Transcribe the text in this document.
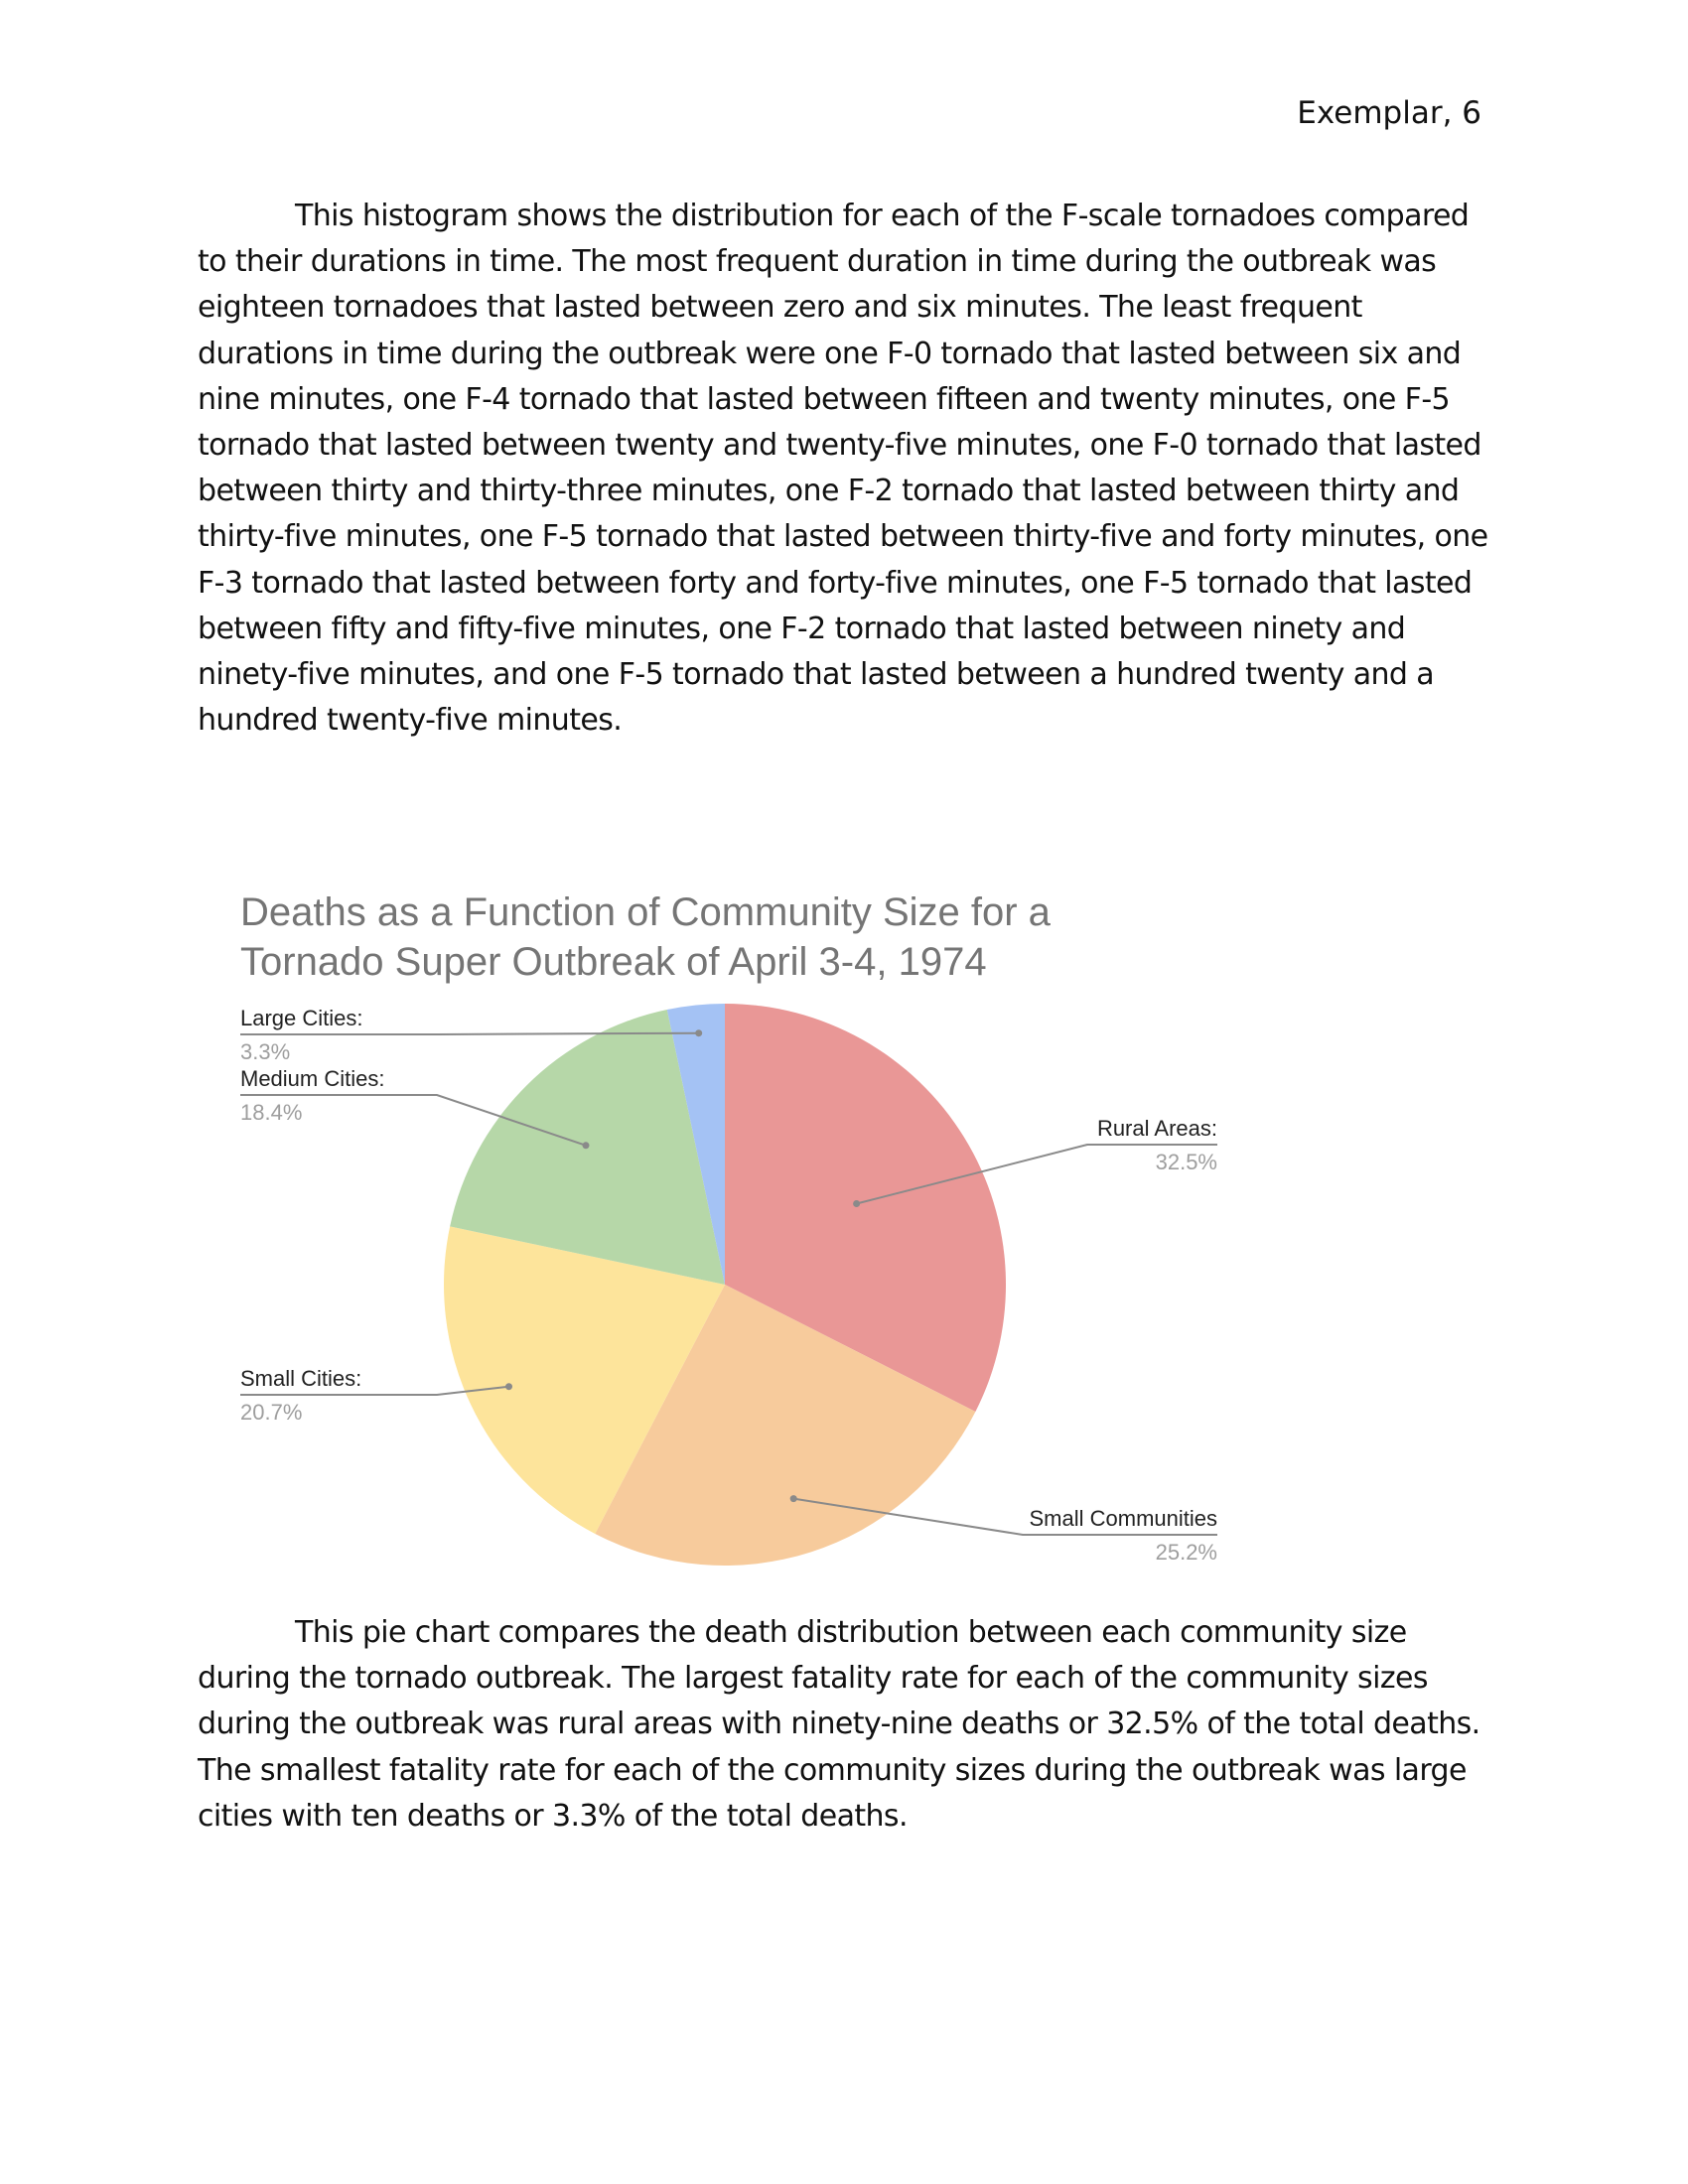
Exemplar, 6

This histogram shows the distribution for each of the F-scale tornadoes compared to their durations in time. The most frequent duration in time during the outbreak was eighteen tornadoes that lasted between zero and six minutes. The least frequent durations in time during the outbreak were one F-0 tornado that lasted between six and nine minutes, one F-4 tornado that lasted between fifteen and twenty minutes, one F-5 tornado that lasted between twenty and twenty-five minutes, one F-0 tornado that lasted between thirty and thirty-three minutes, one F-2 tornado that lasted between thirty and thirty-five minutes, one F-5 tornado that lasted between thirty-five and forty minutes, one F-3 tornado that lasted between forty and forty-five minutes, one F-5 tornado that lasted between fifty and fifty-five minutes, one F-2 tornado that lasted between ninety and ninety-five minutes, and one F-5 tornado that lasted between a hundred twenty and a hundred twenty-five minutes.

Deaths as a Function of Community Size for a
Tornado Super Outbreak of April 3-4, 1974
Rural Areas:
32.5%
Small Communities
25.2%
Small Cities:
20.7%
Medium Cities:
18.4%
Large Cities:
3.3%

This pie chart compares the death distribution between each community size during the tornado outbreak. The largest fatality rate for each of the community sizes during the outbreak was rural areas with ninety-nine deaths or 32.5% of the total deaths. The smallest fatality rate for each of the community sizes during the outbreak was large cities with ten deaths or 3.3% of the total deaths.
